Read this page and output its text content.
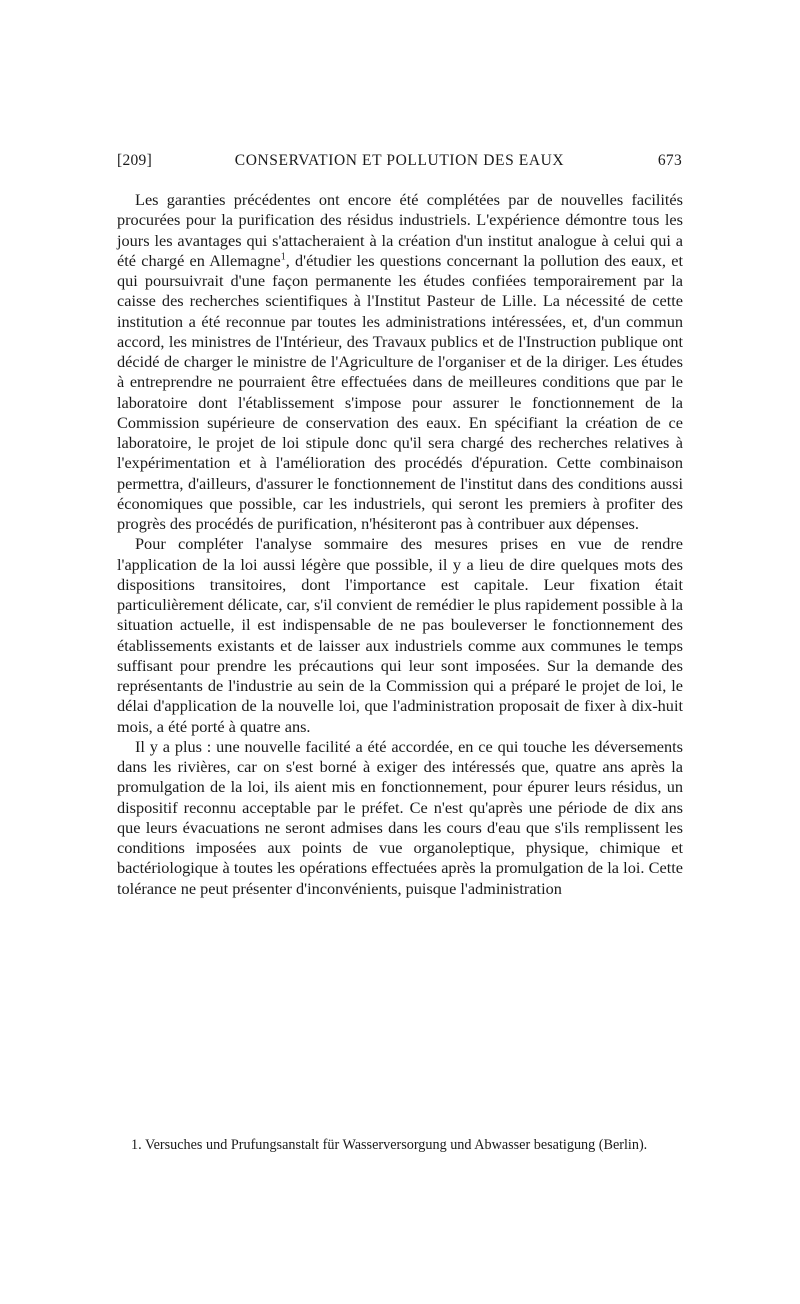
[209]	CONSERVATION ET POLLUTION DES EAUX	673

Les garanties précédentes ont encore été complétées par de nouvelles facilités procurées pour la purification des résidus industriels. L'expérience démontre tous les jours les avantages qui s'attacheraient à la création d'un institut analogue à celui qui a été chargé en Allemagne$^1$, d'étudier les questions concernant la pollution des eaux, et qui poursuivrait d'une façon permanente les études confiées temporairement par la caisse des recherches scientifiques à l'Institut Pasteur de Lille. La nécessité de cette institution a été reconnue par toutes les administrations intéressées, et, d'un commun accord, les ministres de l'Intérieur, des Travaux publics et de l'Instruction publique ont décidé de charger le ministre de l'Agriculture de l'organiser et de la diriger. Les études à entreprendre ne pourraient être effectuées dans de meilleures conditions que par le laboratoire dont l'établissement s'impose pour assurer le fonctionnement de la Commission supérieure de conservation des eaux. En spécifiant la création de ce laboratoire, le projet de loi stipule donc qu'il sera chargé des recherches relatives à l'expérimentation et à l'amélioration des procédés d'épuration. Cette combinaison permettra, d'ailleurs, d'assurer le fonctionnement de l'institut dans des conditions aussi économiques que possible, car les industriels, qui seront les premiers à profiter des progrès des procédés de purification, n'hésiteront pas à contribuer aux dépenses.

Pour compléter l'analyse sommaire des mesures prises en vue de rendre l'application de la loi aussi légère que possible, il y a lieu de dire quelques mots des dispositions transitoires, dont l'importance est capitale. Leur fixation était particulièrement délicate, car, s'il convient de remédier le plus rapidement possible à la situation actuelle, il est indispensable de ne pas bouleverser le fonctionnement des établissements existants et de laisser aux industriels comme aux communes le temps suffisant pour prendre les précautions qui leur sont imposées. Sur la demande des représentants de l'industrie au sein de la Commission qui a préparé le projet de loi, le délai d'application de la nouvelle loi, que l'administration proposait de fixer à dix-huit mois, a été porté à quatre ans.

Il y a plus : une nouvelle facilité a été accordée, en ce qui touche les déversements dans les rivières, car on s'est borné à exiger des intéressés que, quatre ans après la promulgation de la loi, ils aient mis en fonctionnement, pour épurer leurs résidus, un dispositif reconnu acceptable par le préfet. Ce n'est qu'après une période de dix ans que leurs évacuations ne seront admises dans les cours d'eau que s'ils remplissent les conditions imposées aux points de vue organoleptique, physique, chimique et bactériologique à toutes les opérations effectuées après la promulgation de la loi. Cette tolérance ne peut présenter d'inconvénients, puisque l'administration

1. Versuches und Prufungsanstalt für Wasserversorgung und Abwasser besatigung (Berlin).
